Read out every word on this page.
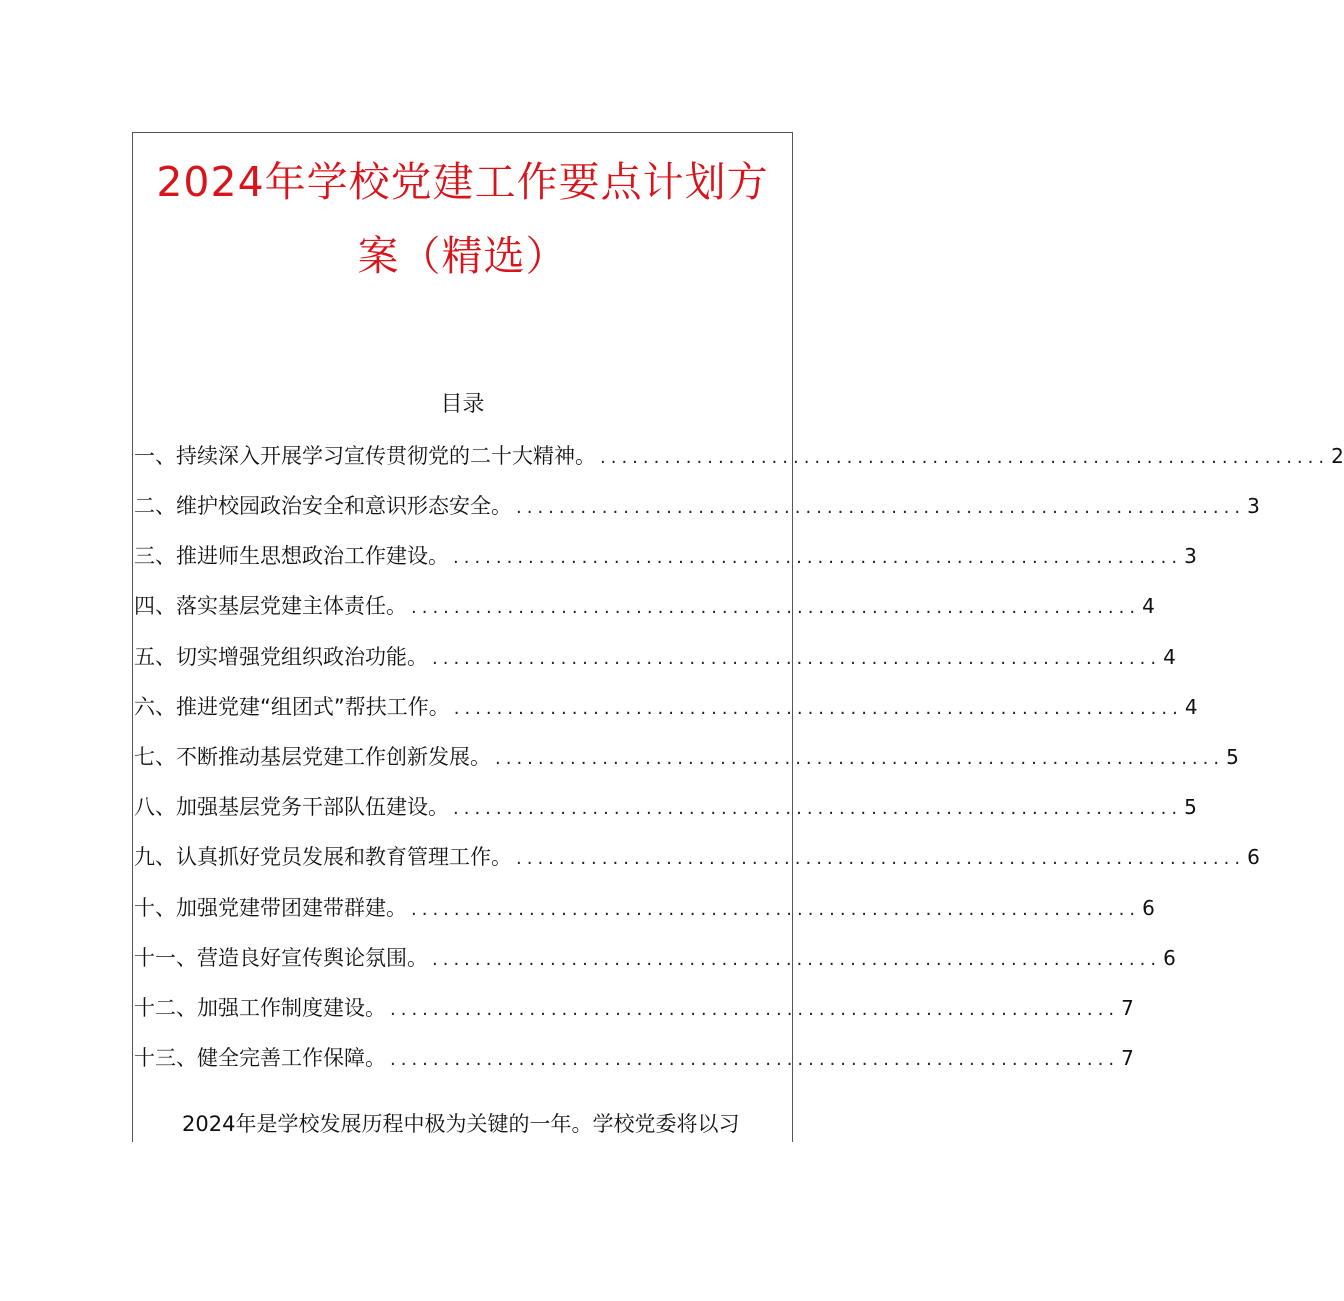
2024年学校党建工作要点计划方
案（精选）
目录
一、持续深入开展学习宣传贯彻党的二十大精神。 .................................................................... 2
二、维护校园政治安全和意识形态安全。 .................................................................... 3
三、推进师生思想政治工作建设。 .................................................................... 3
四、落实基层党建主体责任。 .................................................................... 4
五、切实增强党组织政治功能。 .................................................................... 4
六、推进党建“组团式”帮扶工作。 .................................................................... 4
七、不断推动基层党建工作创新发展。 .................................................................... 5
八、加强基层党务干部队伍建设。 .................................................................... 5
九、认真抓好党员发展和教育管理工作。 .................................................................... 6
十、加强党建带团建带群建。 .................................................................... 6
十一、营造良好宣传舆论氛围。 .................................................................... 6
十二、加强工作制度建设。 .................................................................... 7
十三、健全完善工作保障。 .................................................................... 7
2024年是学校发展历程中极为关键的一年。学校党委将以习
